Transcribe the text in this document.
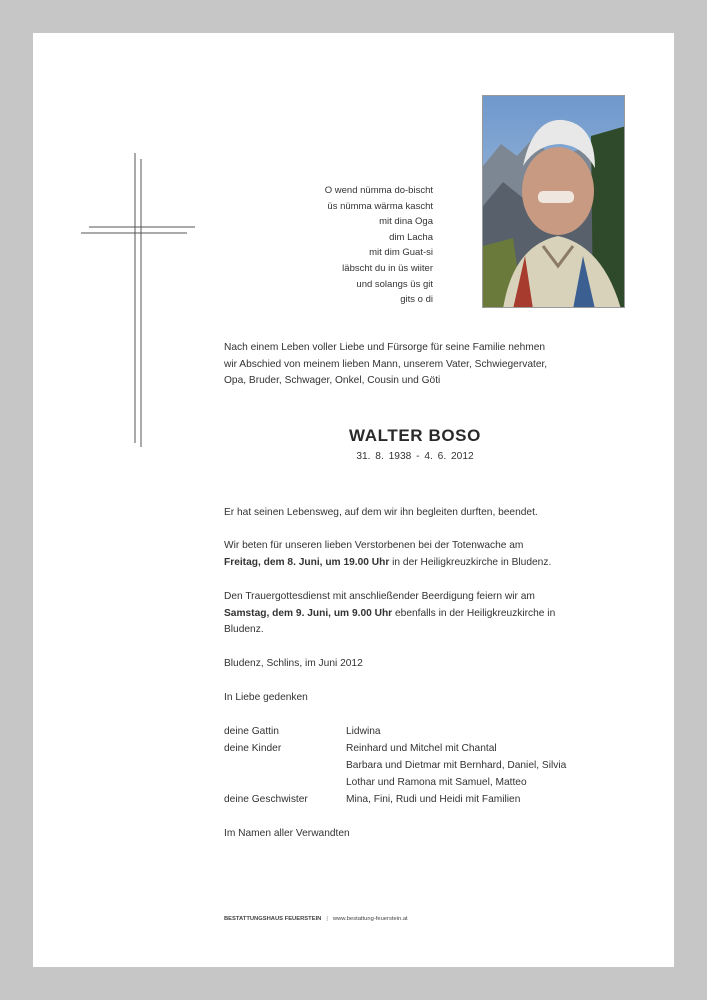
O wend nümma do-bischt
üs nümma wärma kascht
mit dina Oga
dim Lacha
mit dim Guat-si
läbscht du in üs wiiter
und solangs üs git
gits o di
Nach einem Leben voller Liebe und Fürsorge für seine Familie nehmen
wir Abschied von meinem lieben Mann, unserem Vater, Schwiegervater,
Opa, Bruder, Schwager, Onkel, Cousin und Göti
WALTER BOSO
31. 8. 1938 - 4. 6. 2012
Er hat seinen Lebensweg, auf dem wir ihn begleiten durften, beendet.
Wir beten für unseren lieben Verstorbenen bei der Totenwache am
Freitag, dem 8. Juni, um 19.00 Uhr in der Heiligkreuzkirche in Bludenz.
Den Trauergottesdienst mit anschließender Beerdigung feiern wir am
Samstag, dem 9. Juni, um 9.00 Uhr ebenfalls in der Heiligkreuzkirche in
Bludenz.
Bludenz, Schlins, im Juni 2012
In Liebe gedenken
deine Gattin	Lidwina
deine Kinder	Reinhard und Mitchel mit Chantal
Barbara und Dietmar mit Bernhard, Daniel, Silvia
Lothar und Ramona mit Samuel, Matteo
deine Geschwister	Mina, Fini, Rudi und Heidi mit Familien
Im Namen aller Verwandten
BESTATTUNGSHAUS FEUERSTEIN | www.bestattung-feuerstein.at
